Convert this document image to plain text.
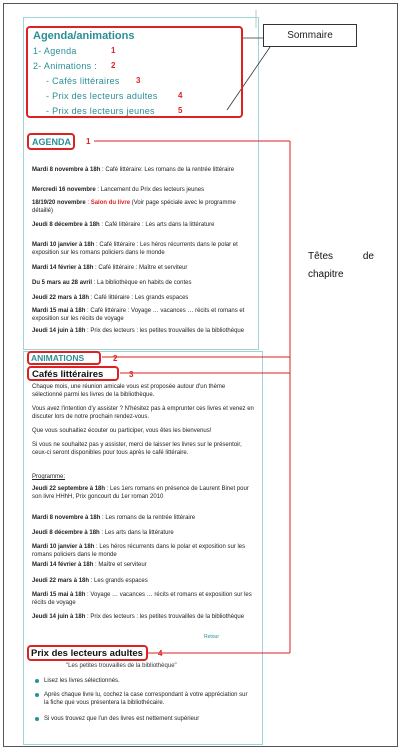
Sommaire
Têtes	de
chapitre
Agenda/animations
1- Agenda	1
2- Animations : 2
- Cafés littéraires 3
- Prix des lecteurs adultes	4
- Prix des lecteurs jeunes	5
AGENDA 1
Mardi 8 novembre à 18h : Café littéraire: Les romans de la rentrée littéraire
Mercredi 16 novembre : Lancement du Prix des lecteurs jeunes
18/19/20 novembre : Salon du livre (Voir page spéciale avec le programme détaillé)
Jeudi 8 décembre à 18h : Café littéraire : Les arts dans la littérature
Mardi 10 janvier à 18h : Café littéraire : Les héros récurrents dans le polar et exposition sur les romans policiers dans le monde
Mardi 14 février à 18h : Café littéraire : Maître et serviteur
Du 5 mars au 28 avril : La bibliothèque en habits de contes
Jeudi 22 mars à 18h : Café littéraire : Les grands espaces
Mardi 15 mai à 18h : Café littéraire : Voyage … vacances … récits et romans et exposition sur les récits de voyage
Jeudi 14 juin à 18h : Prix des lecteurs : les petites trouvailles de la bibliothèque
ANIMATIONS	2
Cafés littéraires	3
Chaque mois, une réunion amicale vous est proposée autour d'un thème sélectionné parmi les livres de la bibliothèque.
Vous avez l'intention d'y assister ? N'hésitez pas à emprunter ces livres et venez en discuter lors de notre prochain rendez-vous.
Que vous souhaitiez écouter ou participer, vous êtes les bienvenus!
Si vous ne souhaitez pas y assister, merci de laisser les livres sur le présentoir, ceux-ci seront disponibles pour tous après le café littéraire.
Programme:
Jeudi 22 septembre à 18h : Les 1ers romans en présence de Laurent Binet pour son livre HHhH, Prix goncourt du 1er roman 2010
Mardi 8 novembre à 18h : Les romans de la rentrée littéraire
Jeudi 8 décembre à 18h : Les arts dans la littérature
Mardi 10 janvier à 18h : Les héros récurrents dans le polar et exposition sur les romans policiers dans le monde
Mardi 14 février à 18h : Maître et serviteur
Jeudi 22 mars à 18h : Les grands espaces
Mardi 15 mai à 18h : Voyage … vacances … récits et romans et exposition sur les récits de voyage
Jeudi 14 juin à 18h : Prix des lecteurs : les petites trouvailles de la bibliothèque
Retour
Prix des lecteurs adultes 4
"Les petites trouvailles de la bibliothèque"
Lisez les livres sélectionnés.
Après chaque livre lu, cochez la case correspondant à votre appréciation sur la fiche que vous présentera la bibliothécaire.
Si vous trouvez que l'un des livres est nettement supérieur
